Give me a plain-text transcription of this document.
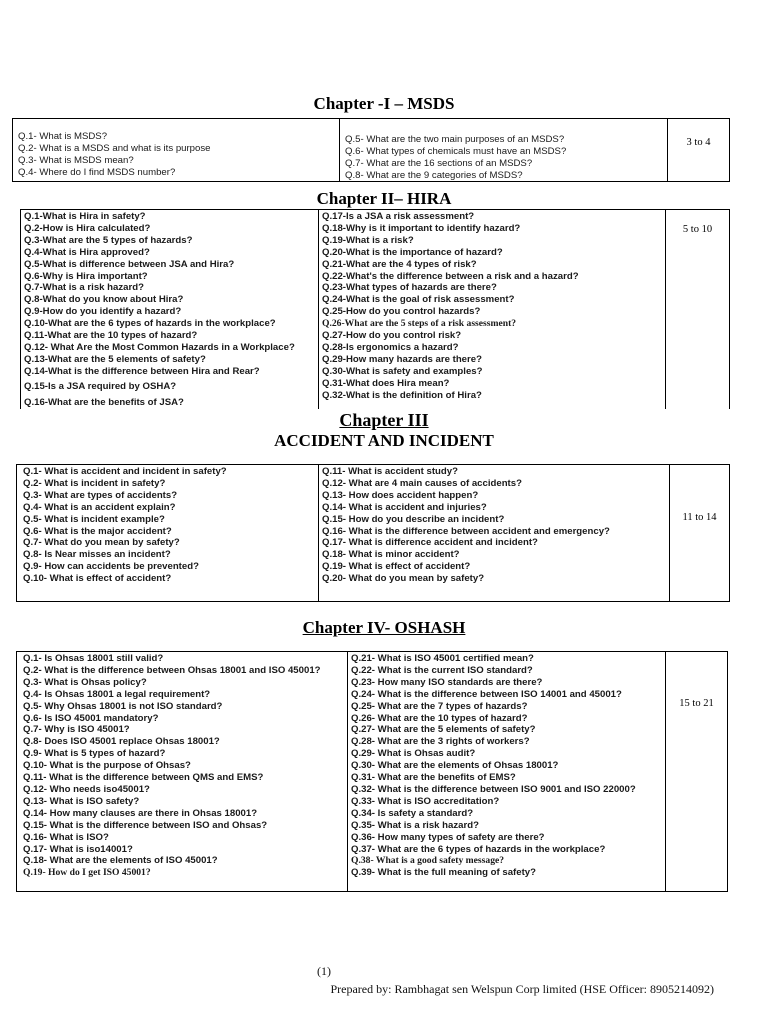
Chapter -I – MSDS
Q.1- What is MSDS?
Q.2- What is a MSDS and what is its purpose
Q.3- What is MSDS mean?
Q.4- Where do I find MSDS number?
Q.5- What are the two main purposes of an MSDS?
Q.6- What types of chemicals must have an MSDS?
Q.7- What are the 16 sections of an MSDS?
Q.8- What are the 9 categories of MSDS?
3 to 4
Chapter II– HIRA
Q.1-What is Hira in safety?
Q.2-How is Hira calculated?
Q.3-What are the 5 types of hazards?
Q.4-What is Hira approved?
Q.5-What is difference between JSA and Hira?
Q.6-Why is Hira important?
Q.7-What is a risk hazard?
Q.8-What do you know about Hira?
Q.9-How do you identify a hazard?
Q.10-What are the 6 types of hazards in the workplace?
Q.11-What are the 10 types of hazard?
Q.12- What Are the Most Common Hazards in a Workplace?
Q.13-What are the 5 elements of safety?
Q.14-What is the difference between Hira and Rear?
Q.15-Is a JSA required by OSHA?
Q.16-What are the benefits of JSA?
Q.17-Is a JSA a risk assessment?
Q.18-Why is it important to identify hazard?
Q.19-What is a risk?
Q.20-What is the importance of hazard?
Q.21-What are the 4 types of risk?
Q.22-What's the difference between a risk and a hazard?
Q.23-What types of hazards are there?
Q.24-What is the goal of risk assessment?
Q.25-How do you control hazards?
Q.26-What are the 5 steps of a risk assessment?
Q.27-How do you control risk?
Q.28-Is ergonomics a hazard?
Q.29-How many hazards are there?
Q.30-What is safety and examples?
Q.31-What does Hira mean?
Q.32-What is the definition of Hira?
5 to 10
Chapter III
ACCIDENT AND INCIDENT
Q.1- What is accident and incident in safety?
Q.2- What is incident in safety?
Q.3- What are types of accidents?
Q.4- What is an accident explain?
Q.5- What is incident example?
Q.6- What is the major accident?
Q.7- What do you mean by safety?
Q.8- Is Near misses an incident?
Q.9- How can accidents be prevented?
Q.10- What is effect of accident?
Q.11- What is accident study?
Q.12- What are 4 main causes of accidents?
Q.13- How does accident happen?
Q.14- What is accident and injuries?
Q.15- How do you describe an incident?
Q.16- What is the difference between accident and emergency?
Q.17- What is difference accident and incident?
Q.18- What is minor accident?
Q.19- What is effect of accident?
Q.20- What do you mean by safety?
11 to 14
Chapter IV- OSHASH
Q.1- Is Ohsas 18001 still valid?
Q.2- What is the difference between Ohsas 18001 and ISO 45001?
Q.3- What is Ohsas policy?
Q.4- Is Ohsas 18001 a legal requirement?
Q.5- Why Ohsas 18001 is not ISO standard?
Q.6- Is ISO 45001 mandatory?
Q.7- Why is ISO 45001?
Q.8- Does ISO 45001 replace Ohsas 18001?
Q.9- What is 5 types of hazard?
Q.10- What is the purpose of Ohsas?
Q.11- What is the difference between QMS and EMS?
Q.12- Who needs iso45001?
Q.13- What is ISO safety?
Q.14- How many clauses are there in Ohsas 18001?
Q.15- What is the difference between ISO and Ohsas?
Q.16- What is ISO?
Q.17- What is iso14001?
Q.18- What are the elements of ISO 45001?
Q.19- How do I get ISO 45001?
Q.21- What is ISO 45001 certified mean?
Q.22- What is the current ISO standard?
Q.23- How many ISO standards are there?
Q.24- What is the difference between ISO 14001 and 45001?
Q.25- What are the 7 types of hazards?
Q.26- What are the 10 types of hazard?
Q.27- What are the 5 elements of safety?
Q.28- What are the 3 rights of workers?
Q.29- What is Ohsas audit?
Q.30- What are the elements of Ohsas 18001?
Q.31- What are the benefits of EMS?
Q.32- What is the difference between ISO 9001 and ISO 22000?
Q.33- What is ISO accreditation?
Q.34- Is safety a standard?
Q.35- What is a risk hazard?
Q.36- How many types of safety are there?
Q.37- What are the 6 types of hazards in the workplace?
Q.38- What is a good safety message?
Q.39- What is the full meaning of safety?
15 to 21
(1)
Prepared by: Rambhagat sen Welspun Corp limited (HSE Officer: 8905214092)
